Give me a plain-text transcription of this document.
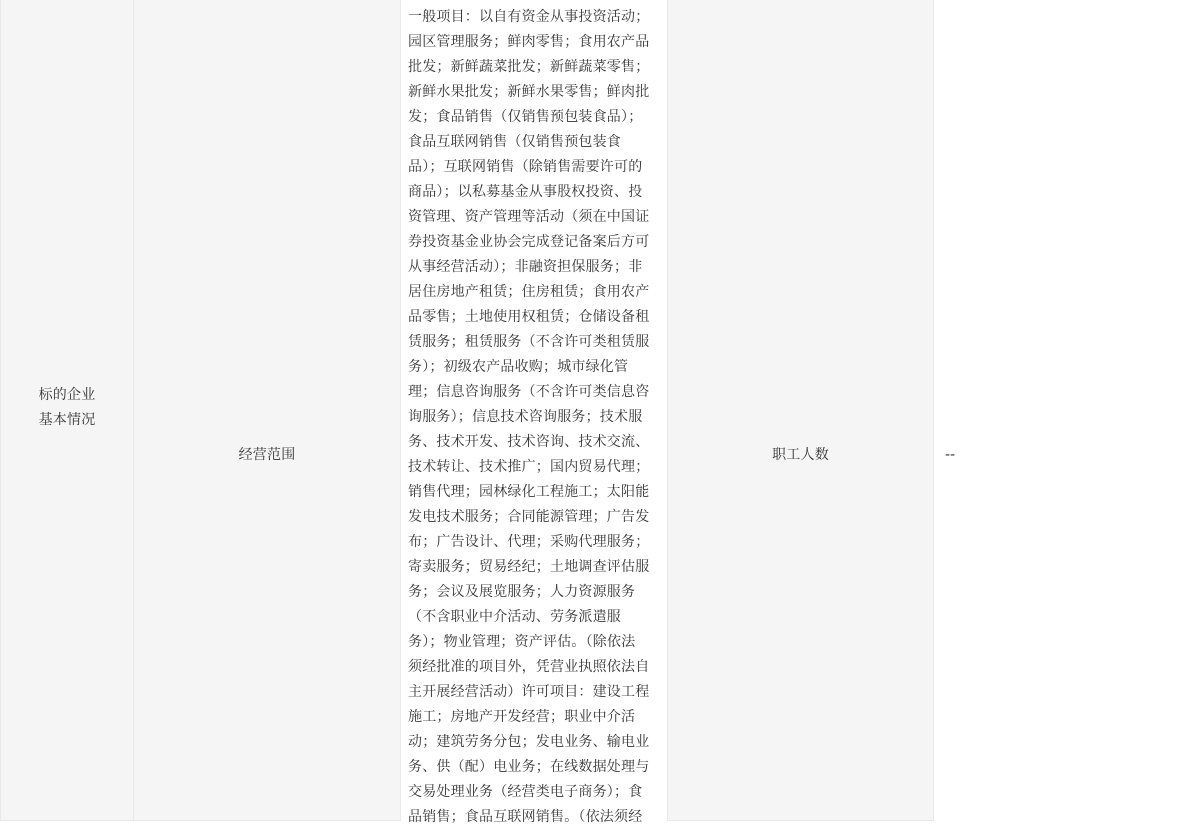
标的企业
基本情况
经营范围
一般项目：以自有资金从事投资活动；
园区管理服务；鲜肉零售；食用农产品
批发；新鲜蔬菜批发；新鲜蔬菜零售；
新鲜水果批发；新鲜水果零售；鲜肉批
发；食品销售（仅销售预包装食品）；
食品互联网销售（仅销售预包装食
品）；互联网销售（除销售需要许可的
商品）；以私募基金从事股权投资、投
资管理、资产管理等活动（须在中国证
券投资基金业协会完成登记备案后方可
从事经营活动）；非融资担保服务；非
居住房地产租赁；住房租赁；食用农产
品零售；土地使用权租赁；仓储设备租
赁服务；租赁服务（不含许可类租赁服
务）；初级农产品收购；城市绿化管
理；信息咨询服务（不含许可类信息咨
询服务）；信息技术咨询服务；技术服
务、技术开发、技术咨询、技术交流、
技术转让、技术推广；国内贸易代理；
销售代理；园林绿化工程施工；太阳能
发电技术服务；合同能源管理；广告发
布；广告设计、代理；采购代理服务；
寄卖服务；贸易经纪；土地调查评估服
务；会议及展览服务；人力资源服务
（不含职业中介活动、劳务派遣服
务）；物业管理；资产评估。（除依法
须经批准的项目外，凭营业执照依法自
主开展经营活动）许可项目：建设工程
施工；房地产开发经营；职业中介活
动；建筑劳务分包；发电业务、输电业
务、供（配）电业务；在线数据处理与
交易处理业务（经营类电子商务）；食
品销售；食品互联网销售。（依法须经
职工人数	--
